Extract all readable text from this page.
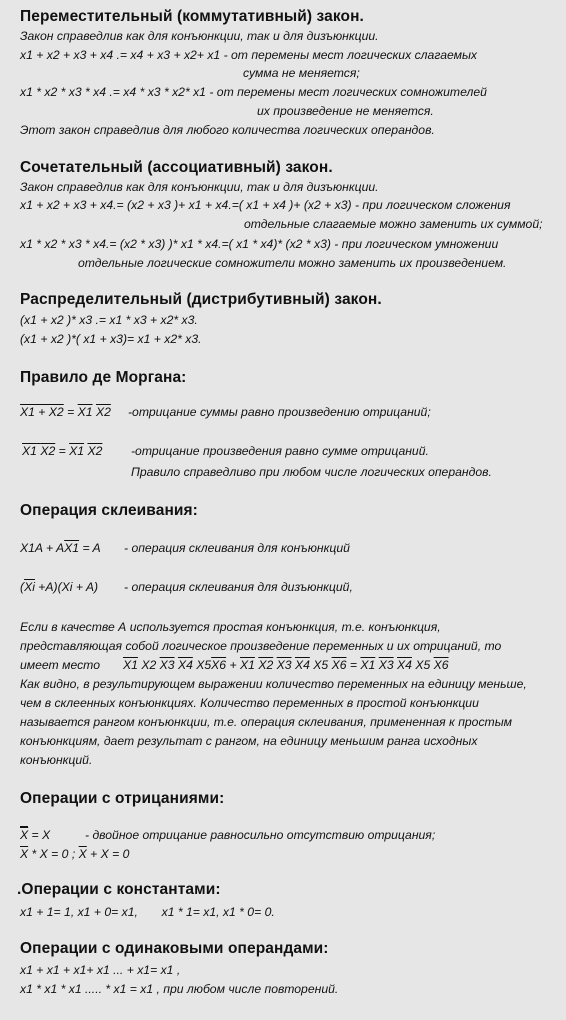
Переместительный (коммутативный) закон.
Закон справедлив как для конъюнкции, так и для дизъюнкции.
x1 + x2 + x3 + x4 .= x4 + x3 + x2+ x1 - от перемены мест логических слагаемых
сумма не меняется;
x1 * x2 * x3 * x4 .= x4 * x3 * x2* x1 - от перемены мест логических сомножителей
их произведение не меняется.
Этот закон справедлив для любого количества логических операндов.
Сочетательный (ассоциативный) закон.
Закон справедлив как для конъюнкции, так и для дизъюнкции.
x1 + x2 + x3 + x4.= (x2 + x3 )+ x1 + x4.=( x1 + x4 )+ (x2 + x3) - при логическом сложения
отдельные слагаемые можно заменить их суммой;
x1 * x2 * x3 * x4.= (x2 * x3) )* x1 * x4.=( x1 * x4)* (x2 * x3) - при логическом умножении
отдельные логические сомножители можно заменить их произведением.
Распределительный (дистрибутивный) закон.
(x1 + x2 )* x3 .= x1 * x3 + x2* x3.
(x1 + x2 )*( x1 + x3)= x1 + x2* x3.
Правило де Моргана:
X1 + X2 = X1 X2 -отрицание суммы равно произведению отрицаний;
X1 X2 = X1 X2 -отрицание произведения равно сумме отрицаний.
Правило справедливо при любом числе логических операндов.
Операция склеивания:
X1A + AX1 = A - операция склеивания для конъюнкций
$(\overline{Xi} +A)(Xi + A)$ - операция склеивания для дизъюнкций,
Если в качестве А используется простая конъюнкция, т.е. конъюнкция,
представляющая собой логическое произведение переменных и их отрицаний, то
имеет место X1 X2 X3 X4 X5X6 + X1 X2 X3 X4 X5 X6 = X1 X3 X4 X5 X6
Как видно, в результирующем выражении количество переменных на единицу меньше,
чем в склеенных конъюнкциях. Количество переменных в простой конъюнкции
называется рангом конъюнкции, т.е. операция склеивания, примененная к простым
конъюнкциям, дает результат с рангом, на единицу меньшим ранга исходных
конъюнкций.
Операции с отрицаниями:
$\overline{X} = X$	- двойное отрицание равносильно отсутствию отрицания;
$\overline{X} * X = 0$ ; $\overline{X} + X = 0$
.Операции с константами:
x1 + 1= 1, x1 + 0= x1,       x1 * 1= x1, x1 * 0= 0.
Операции с одинаковыми операндами:
x1 + x1 + x1+ x1 ... + x1= x1 ,
x1 * x1 * x1 ..... * x1 = x1 , при любом числе повторений.
